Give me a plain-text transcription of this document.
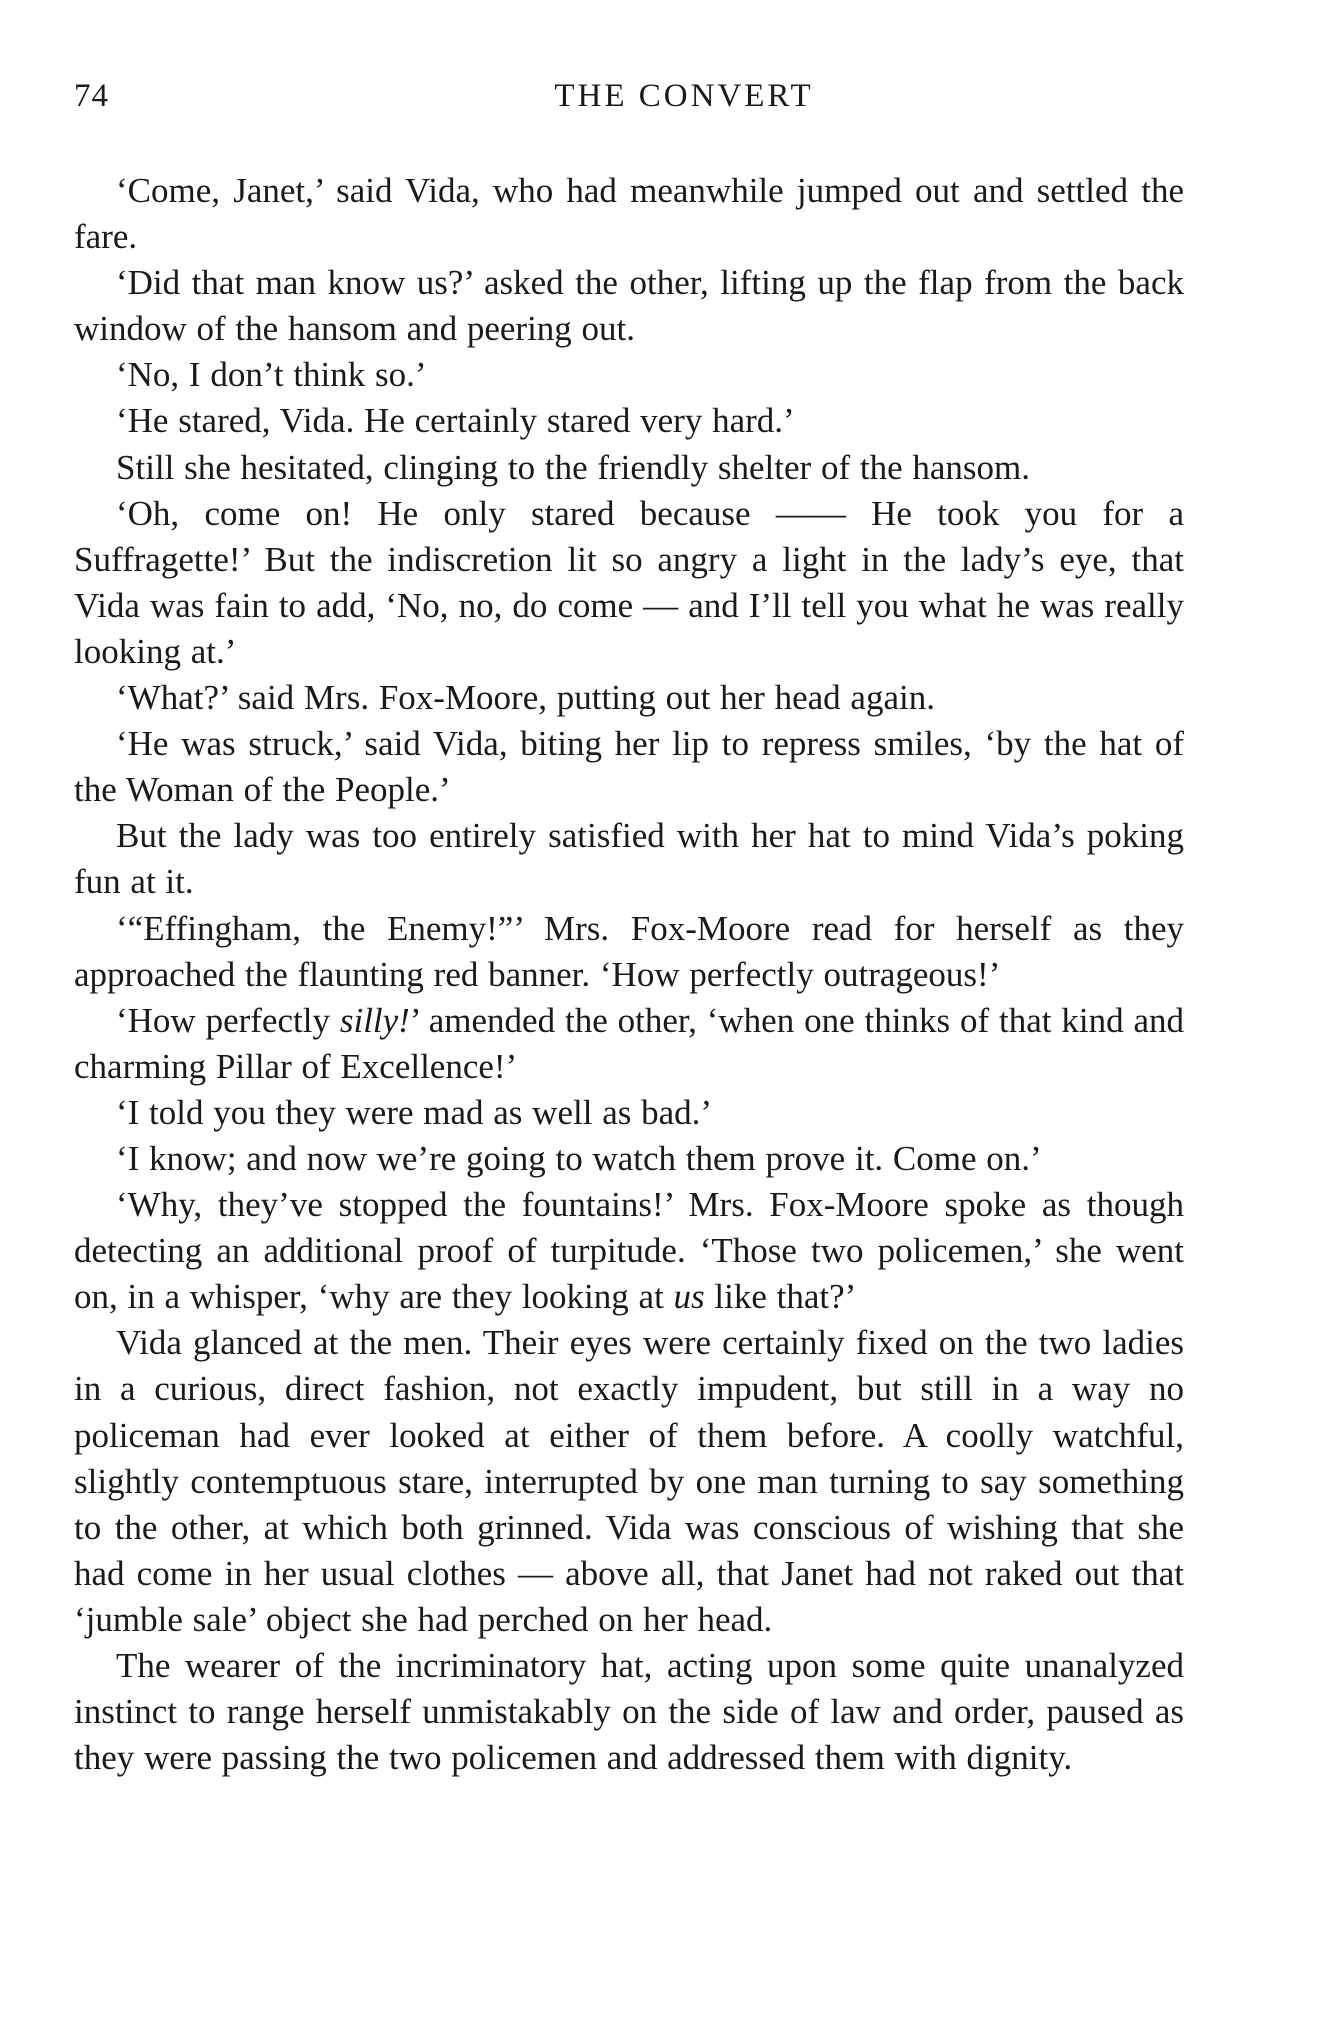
74	THE CONVERT

‘Come, Janet,’ said Vida, who had meanwhile jumped out and settled the fare.

‘Did that man know us?’ asked the other, lifting up the flap from the back window of the hansom and peering out.

‘No, I don’t think so.’

‘He stared, Vida. He certainly stared very hard.’

Still she hesitated, clinging to the friendly shelter of the hansom.

‘Oh, come on! He only stared because —— He took you for a Suffragette!’ But the indiscretion lit so angry a light in the lady’s eye, that Vida was fain to add, ‘No, no, do come — and I’ll tell you what he was really looking at.’

‘What?’ said Mrs. Fox-Moore, putting out her head again.

‘He was struck,’ said Vida, biting her lip to repress smiles, ‘by the hat of the Woman of the People.’

But the lady was too entirely satisfied with her hat to mind Vida’s poking fun at it.

‘“Effingham, the Enemy!”’ Mrs. Fox-Moore read for herself as they approached the flaunting red banner. ‘How perfectly outrageous!’

‘How perfectly silly!’ amended the other, ‘when one thinks of that kind and charming Pillar of Excellence!’

‘I told you they were mad as well as bad.’

‘I know; and now we’re going to watch them prove it. Come on.’

‘Why, they’ve stopped the fountains!’ Mrs. Fox-Moore spoke as though detecting an additional proof of turpitude. ‘Those two policemen,’ she went on, in a whisper, ‘why are they looking at us like that?’

Vida glanced at the men. Their eyes were certainly fixed on the two ladies in a curious, direct fashion, not exactly impudent, but still in a way no policeman had ever looked at either of them before. A coolly watchful, slightly contemptuous stare, interrupted by one man turning to say something to the other, at which both grinned. Vida was conscious of wishing that she had come in her usual clothes — above all, that Janet had not raked out that ‘jumble sale’ object she had perched on her head.

The wearer of the incriminatory hat, acting upon some quite unanalyzed instinct to range herself unmistakably on the side of law and order, paused as they were passing the two policemen and addressed them with dignity.
